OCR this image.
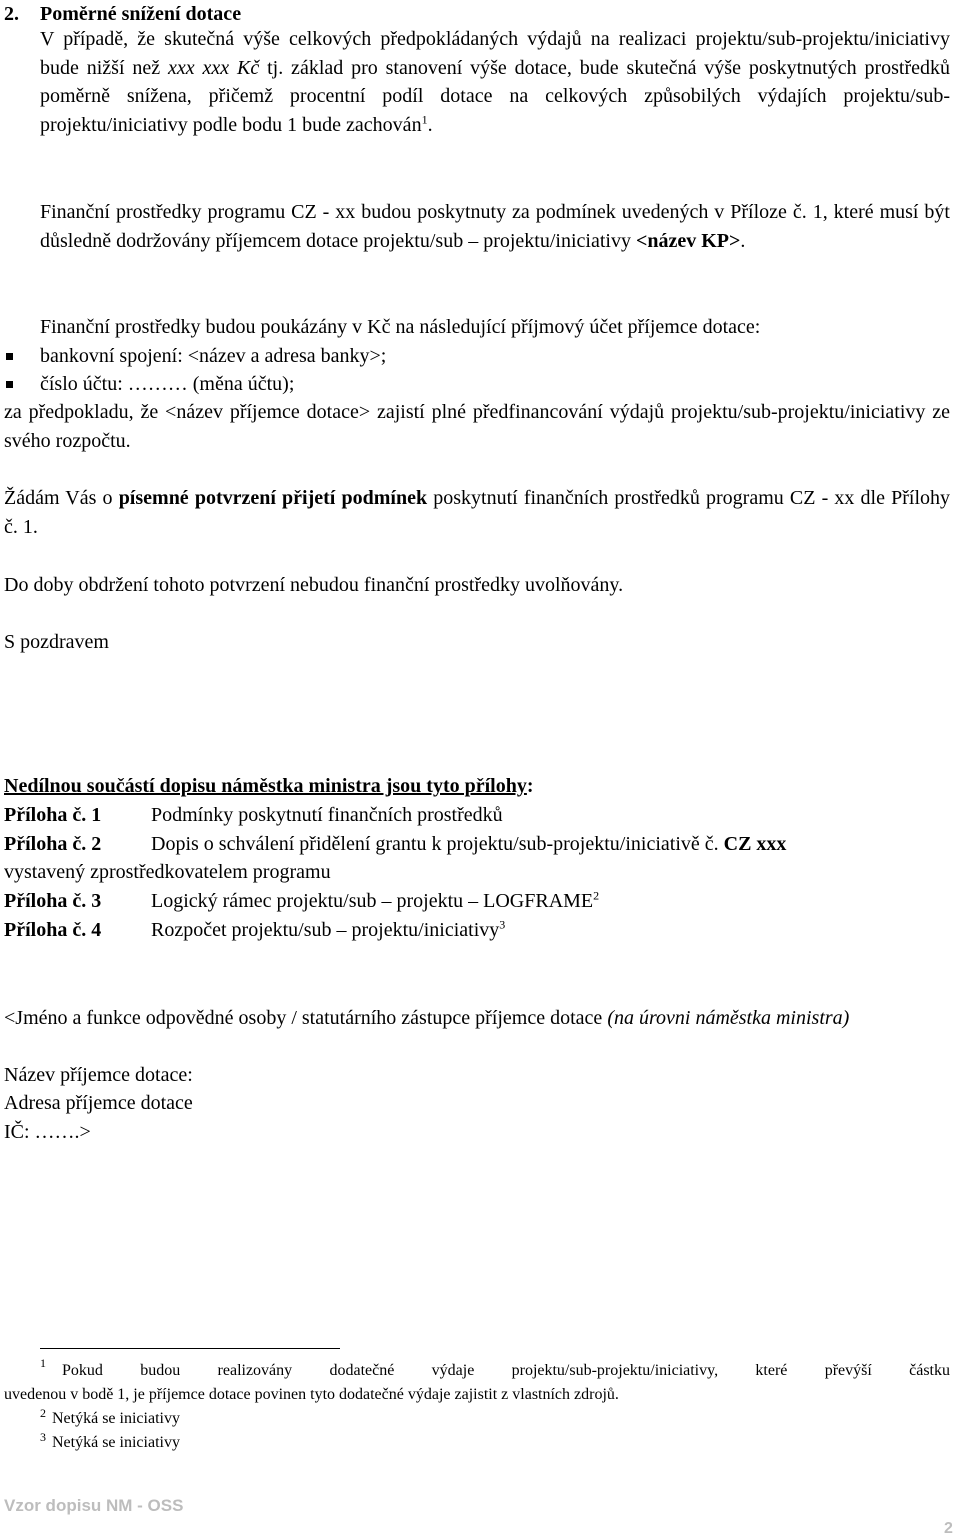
2. Poměrné snížení dotace
V případě, že skutečná výše celkových předpokládaných výdajů na realizaci projektu/sub-projektu/iniciativy bude nižší než xxx xxx Kč tj. základ pro stanovení výše dotace, bude skutečná výše poskytnutých prostředků poměrně snížena, přičemž procentní podíl dotace na celkových způsobilých výdajích projektu/sub-projektu/iniciativy podle bodu 1 bude zachován$^1$.
Finanční prostředky programu CZ - xx budou poskytnuty za podmínek uvedených v Příloze č. 1, které musí být důsledně dodržovány příjemcem dotace projektu/sub – projektu/iniciativy <název KP>.
Finanční prostředky budou poukázány v Kč na následující příjmový účet příjemce dotace:
bankovní spojení: <název a adresa banky>;
číslo účtu: ……… (měna účtu);
za předpokladu, že <název příjemce dotace> zajistí plné předfinancování výdajů projektu/sub-projektu/iniciativy ze svého rozpočtu.
Žádám Vás o písemné potvrzení přijetí podmínek poskytnutí finančních prostředků programu CZ - xx dle Přílohy č. 1.
Do doby obdržení tohoto potvrzení nebudou finanční prostředky uvolňovány.
S pozdravem
Nedílnou součástí dopisu náměstka ministra jsou tyto přílohy:
Příloha č. 1 Podmínky poskytnutí finančních prostředků
Příloha č. 2 Dopis o schválení přidělení grantu k projektu/sub-projektu/iniciativě č. CZ xxx
vystavený zprostředkovatelem programu
Příloha č. 3 Logický rámec projektu/sub – projektu – LOGFRAME$^2$
Příloha č. 4 Rozpočet projektu/sub – projektu/iniciativy$^3$
<Jméno a funkce odpovědné osoby / statutárního zástupce příjemce dotace (na úrovni náměstka ministra)
Název příjemce dotace:
Adresa příjemce dotace
IČ: …….>
1 Pokud budou realizovány dodatečné výdaje projektu/sub-projektu/iniciativy, které převýší částku
uvedenou v bodě 1, je příjemce dotace povinen tyto dodatečné výdaje zajistit z vlastních zdrojů.
2 Netýká se iniciativy
3 Netýká se iniciativy
Vzor dopisu NM - OSS
2
